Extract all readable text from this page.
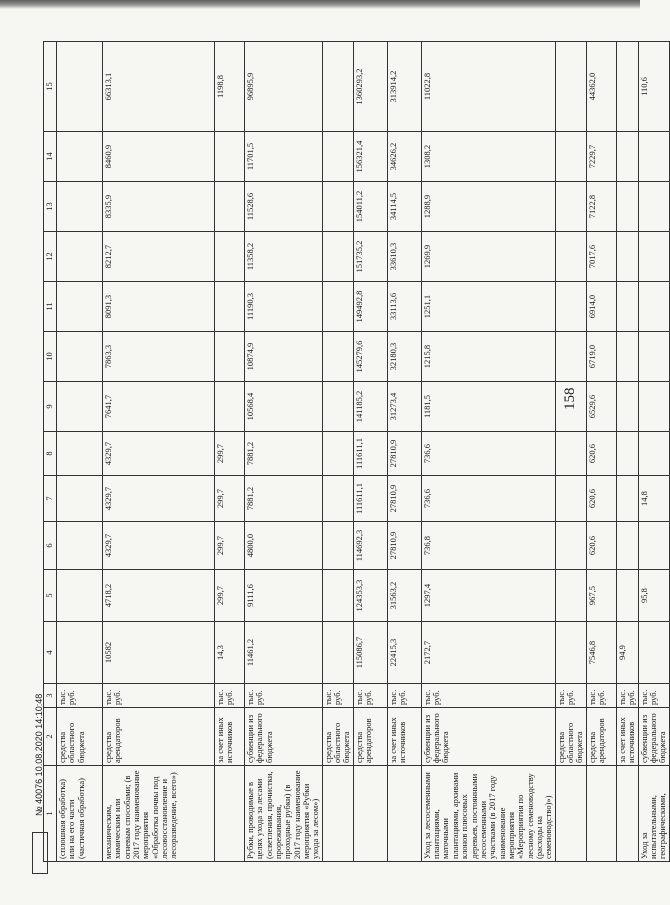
158
1	2	3	4	5	6	7	8	9	10	11	12	13	14	15
(сплошная обработка) или на его части (частичная обработка)	средства областного бюджета	тыс. руб.												
механическим, химическим или огневым способами; (в 2017 году наименование мероприятия «Обработка почвы под лесовосстановление и лесоразведение, всего»)	средства арендаторов	тыс. руб.	10582	4718,2	4329,7	4329,7	4329,7	7641,7	7863,3	8091,3	8212,7	8335,9	8460,9	66313,1
	за счет иных источников	тыс. руб.	14,3	299,7	299,7	299,7	299,7							1198,8
Рубки, проводимые в целях ухода за лесами (осветления, прочистки, прореживания, проходные рубки) (в 2017 году наименование мероприятия «Рубки ухода за лесом»)	субвенции из федерального бюджета	тыс. руб.	11461,2	9111,6	4800,0	7881,2	7881,2	10568,4	10874,9	11190,3	11358,2	11528,6	11701,5	96895,9
	средства областного бюджета	тыс. руб.												
	средства арендаторов	тыс. руб.	115086,7	124353,3	114692,3	111611,1	111611,1	141185,2	145279,6	149492,8	151735,2	154011,2	156321,4	1360293,2
	за счет иных источников	тыс. руб.	22415,3	31563,2	27810,9	27810,9	27810,9	31273,4	32180,3	33113,6	33610,3	34114,5	34626,2	313914,2
Уход за лесосеменными плантациями, маточными плантациями, архивами клонов плюсовых деревьев, постоянными лесосеменными участками (в 2017 году наименование мероприятия «Мероприятия по лесному семеноводству (расходы на семеноводство)»)	субвенции из федерального бюджета	тыс. руб.	2172,7	1297,4	736,8	736,6	736,6	1181,5	1215,8	1251,1	1269,9	1288,9	1308,2	11022,8
	средства областного бюджета	тыс. руб.												
	средства арендаторов	тыс. руб.	7546,8	967,5	620,6	620,6	620,6	6529,6	6719,0	6914,0	7017,6	7122,8	7229,7	44362,0
	за счет иных источников	тыс. руб.	94,9											
Уход за испытательными, географическими,	субвенции из федерального бюджета	тыс. руб.		95,8		14,8								110,6
№ 40076 10.08.2020 14:10:48
